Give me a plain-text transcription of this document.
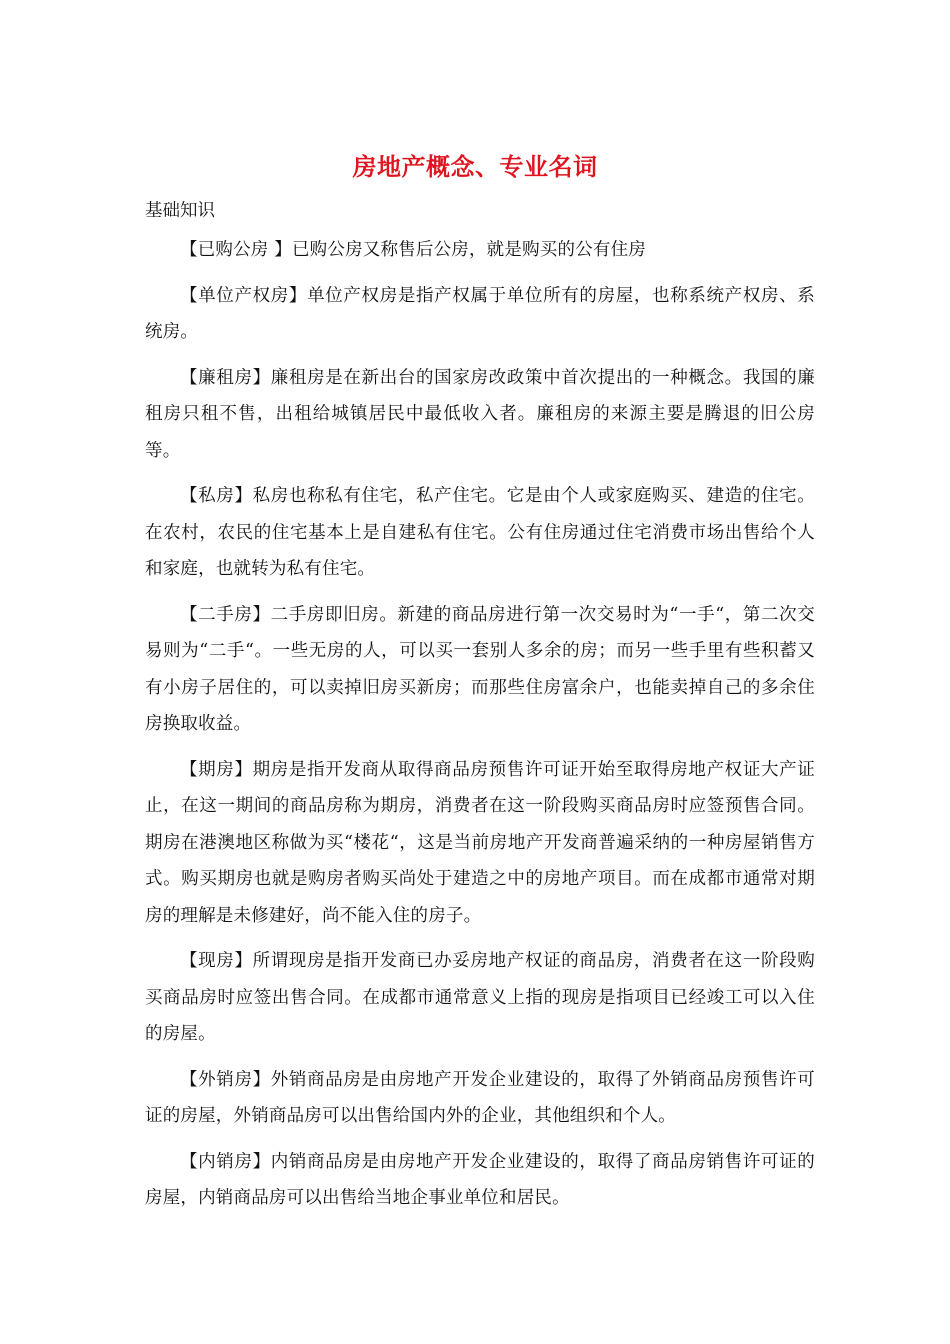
房地产概念、专业名词
基础知识

【已购公房 】已购公房又称售后公房，就是购买的公有住房

【单位产权房】单位产权房是指产权属于单位所有的房屋，也称系统产权房、系统房。

【廉租房】廉租房是在新出台的国家房改政策中首次提出的一种概念。我国的廉租房只租不售，出租给城镇居民中最低收入者。廉租房的来源主要是腾退的旧公房等。

【私房】私房也称私有住宅，私产住宅。它是由个人或家庭购买、建造的住宅。在农村，农民的住宅基本上是自建私有住宅。公有住房通过住宅消费市场出售给个人和家庭，也就转为私有住宅。

【二手房】二手房即旧房。新建的商品房进行第一次交易时为“一手“，第二次交易则为“二手“。一些无房的人，可以买一套别人多余的房；而另一些手里有些积蓄又有小房子居住的，可以卖掉旧房买新房；而那些住房富余户，也能卖掉自己的多余住房换取收益。

【期房】期房是指开发商从取得商品房预售许可证开始至取得房地产权证大产证止，在这一期间的商品房称为期房，消费者在这一阶段购买商品房时应签预售合同。期房在港澳地区称做为买“楼花“，这是当前房地产开发商普遍采纳的一种房屋销售方式。购买期房也就是购房者购买尚处于建造之中的房地产项目。而在成都市通常对期房的理解是未修建好，尚不能入住的房子。

【现房】所谓现房是指开发商已办妥房地产权证的商品房，消费者在这一阶段购买商品房时应签出售合同。在成都市通常意义上指的现房是指项目已经竣工可以入住的房屋。

【外销房】外销商品房是由房地产开发企业建设的，取得了外销商品房预售许可证的房屋，外销商品房可以出售给国内外的企业，其他组织和个人。

【内销房】内销商品房是由房地产开发企业建设的，取得了商品房销售许可证的房屋，内销商品房可以出售给当地企事业单位和居民。
